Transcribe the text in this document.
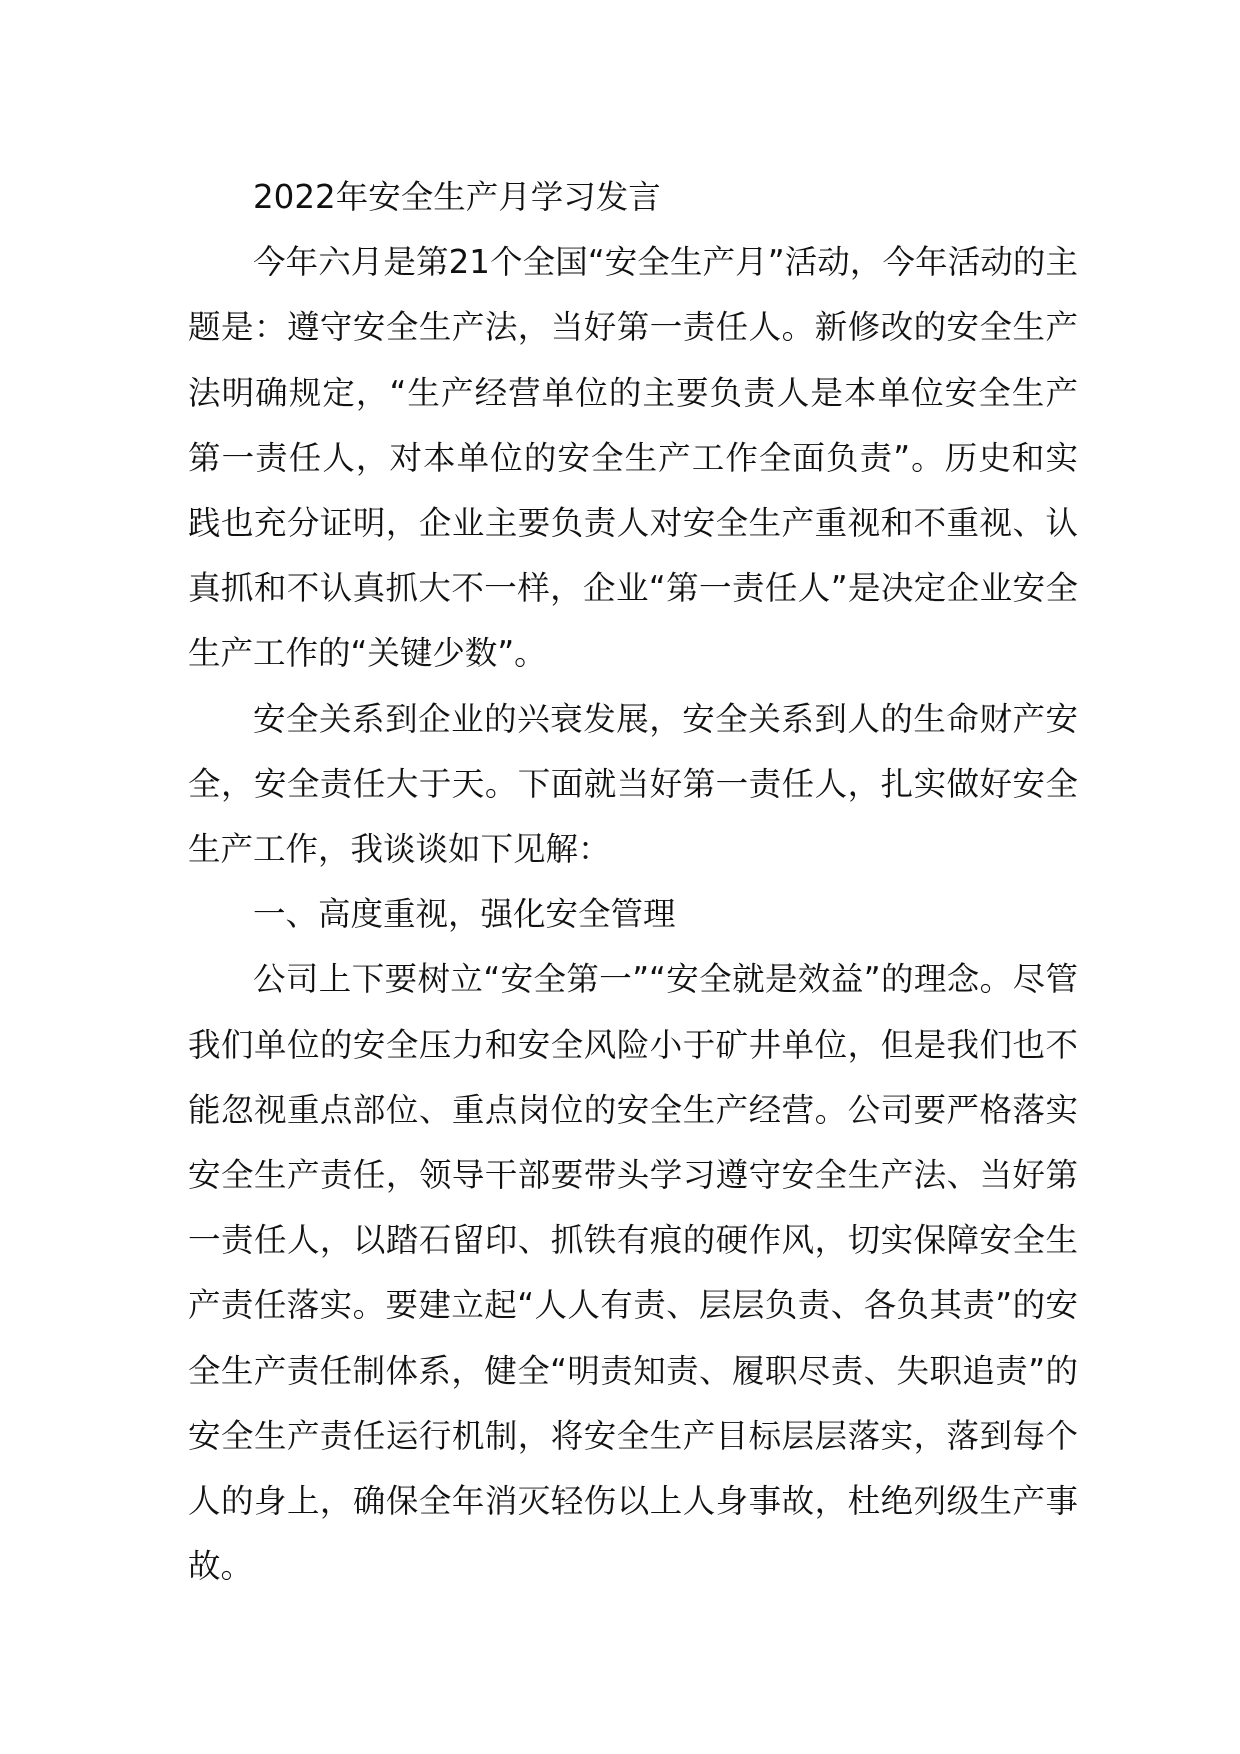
2022年安全生产月学习发言

今年六月是第21个全国“安全生产月”活动，今年活动的主题是：遵守安全生产法，当好第一责任人。新修改的安全生产法明确规定，“生产经营单位的主要负责人是本单位安全生产第一责任人，对本单位的安全生产工作全面负责”。历史和实践也充分证明，企业主要负责人对安全生产重视和不重视、认真抓和不认真抓大不一样，企业“第一责任人”是决定企业安全生产工作的“关键少数”。

安全关系到企业的兴衰发展，安全关系到人的生命财产安全，安全责任大于天。下面就当好第一责任人，扎实做好安全生产工作，我谈谈如下见解：

一、高度重视，强化安全管理

公司上下要树立“安全第一”“安全就是效益”的理念。尽管我们单位的安全压力和安全风险小于矿井单位，但是我们也不能忽视重点部位、重点岗位的安全生产经营。公司要严格落实安全生产责任，领导干部要带头学习遵守安全生产法、当好第一责任人，以踏石留印、抓铁有痕的硬作风，切实保障安全生产责任落实。要建立起“人人有责、层层负责、各负其责”的安全生产责任制体系，健全“明责知责、履职尽责、失职追责”的安全生产责任运行机制，将安全生产目标层层落实，落到每个人的身上，确保全年消灭轻伤以上人身事故，杜绝列级生产事故。
